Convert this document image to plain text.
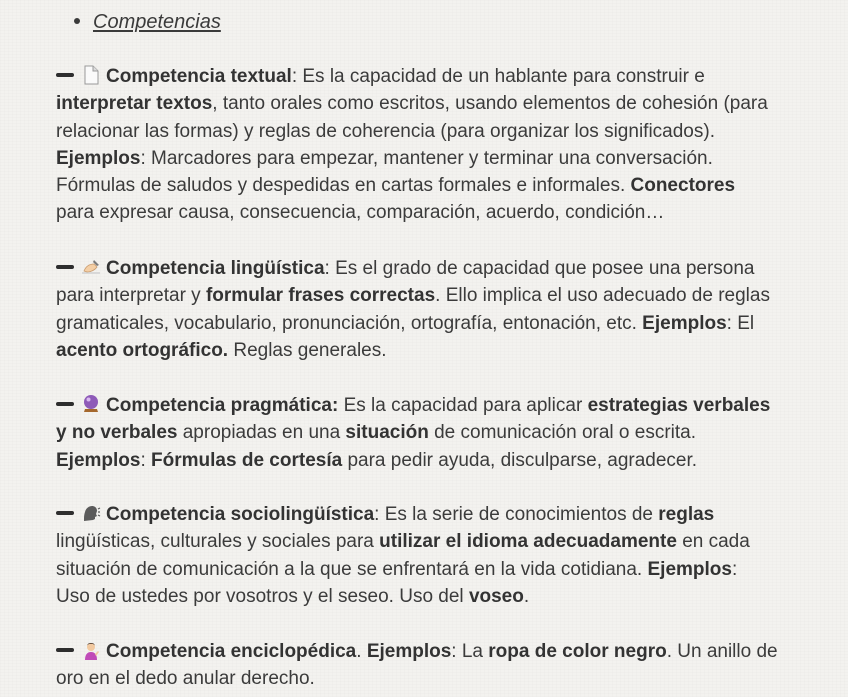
Competencias
Competencia textual: Es la capacidad de un hablante para construir e
interpretar textos, tanto orales como escritos, usando elementos de cohesión (para
relacionar las formas) y reglas de coherencia (para organizar los significados).
Ejemplos: Marcadores para empezar, mantener y terminar una conversación.
Fórmulas de saludos y despedidas en cartas formales e informales. Conectores
para expresar causa, consecuencia, comparación, acuerdo, condición…
Competencia lingüística: Es el grado de capacidad que posee una persona
para interpretar y formular frases correctas. Ello implica el uso adecuado de reglas
gramaticales, vocabulario, pronunciación, ortografía, entonación, etc. Ejemplos: El
acento ortográfico. Reglas generales.
Competencia pragmática: Es la capacidad para aplicar estrategias verbales
y no verbales apropiadas en una situación de comunicación oral o escrita.
Ejemplos: Fórmulas de cortesía para pedir ayuda, disculparse, agradecer.
Competencia sociolingüística: Es la serie de conocimientos de reglas
lingüísticas, culturales y sociales para utilizar el idioma adecuadamente en cada
situación de comunicación a la que se enfrentará en la vida cotidiana. Ejemplos:
Uso de ustedes por vosotros y el seseo. Uso del voseo.
Competencia enciclopédica. Ejemplos: La ropa de color negro. Un anillo de
oro en el dedo anular derecho.
